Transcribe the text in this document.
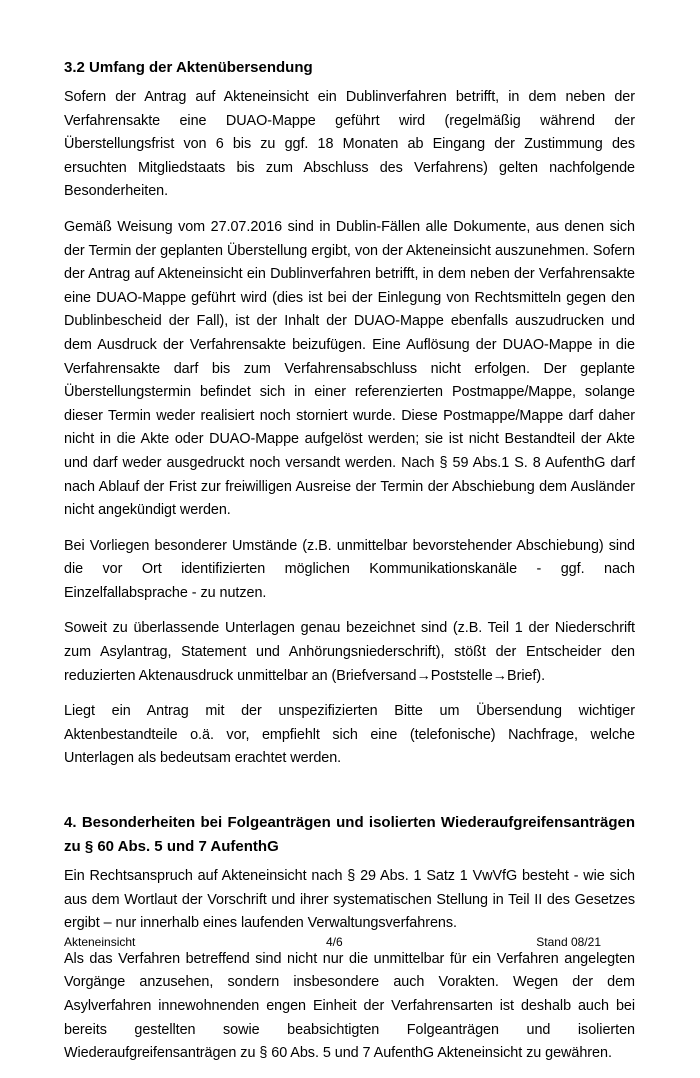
3.2 Umfang der Aktenübersendung

Sofern der Antrag auf Akteneinsicht ein Dublinverfahren betrifft, in dem neben der Verfahrensakte eine DUAO-Mappe geführt wird (regelmäßig während der Überstellungsfrist von 6 bis zu ggf. 18 Monaten ab Eingang der Zustimmung des ersuchten Mitgliedstaats bis zum Abschluss des Verfahrens) gelten nachfolgende Besonderheiten.

Gemäß Weisung vom 27.07.2016 sind in Dublin-Fällen alle Dokumente, aus denen sich der Termin der geplanten Überstellung ergibt, von der Akteneinsicht auszunehmen. Sofern der Antrag auf Akteneinsicht ein Dublinverfahren betrifft, in dem neben der Verfahrensakte eine DUAO-Mappe geführt wird (dies ist bei der Einlegung von Rechtsmitteln gegen den Dublinbescheid der Fall), ist der Inhalt der DUAO-Mappe ebenfalls auszudrucken und dem Ausdruck der Verfahrensakte beizufügen. Eine Auflösung der DUAO-Mappe in die Verfahrensakte darf bis zum Verfahrensabschluss nicht erfolgen. Der geplante Überstellungstermin befindet sich in einer referenzierten Postmappe/Mappe, solange dieser Termin weder realisiert noch storniert wurde. Diese Postmappe/Mappe darf daher nicht in die Akte oder DUAO-Mappe aufgelöst werden; sie ist nicht Bestandteil der Akte und darf weder ausgedruckt noch versandt werden. Nach § 59 Abs.1 S. 8 AufenthG darf nach Ablauf der Frist zur freiwilligen Ausreise der Termin der Abschiebung dem Ausländer nicht angekündigt werden.

Bei Vorliegen besonderer Umstände (z.B. unmittelbar bevorstehender Abschiebung) sind die vor Ort identifizierten möglichen Kommunikationskanäle - ggf. nach Einzelfallabsprache - zu nutzen.

Soweit zu überlassende Unterlagen genau bezeichnet sind (z.B. Teil 1 der Niederschrift zum Asylantrag, Statement und Anhörungsniederschrift), stößt der Entscheider den reduzierten Aktenausdruck unmittelbar an (Briefversand→Poststelle→Brief).

Liegt ein Antrag mit der unspezifizierten Bitte um Übersendung wichtiger Aktenbestandteile o.ä. vor, empfiehlt sich eine (telefonische) Nachfrage, welche Unterlagen als bedeutsam erachtet werden.

4. Besonderheiten bei Folgeanträgen und isolierten Wiederaufgreifensanträgen zu § 60 Abs. 5 und 7 AufenthG

Ein Rechtsanspruch auf Akteneinsicht nach § 29 Abs. 1 Satz 1 VwVfG besteht - wie sich aus dem Wortlaut der Vorschrift und ihrer systematischen Stellung in Teil II des Gesetzes ergibt – nur innerhalb eines laufenden Verwaltungsverfahrens.

Als das Verfahren betreffend sind nicht nur die unmittelbar für ein Verfahren angelegten Vorgänge anzusehen, sondern insbesondere auch Vorakten. Wegen der dem Asylverfahren innewohnenden engen Einheit der Verfahrensarten ist deshalb auch bei bereits gestellten sowie beabsichtigten Folgeanträgen und isolierten Wiederaufgreifensanträgen zu § 60 Abs. 5 und 7 AufenthG Akteneinsicht zu gewähren.

Akteneinsicht	4/6	Stand 08/21
